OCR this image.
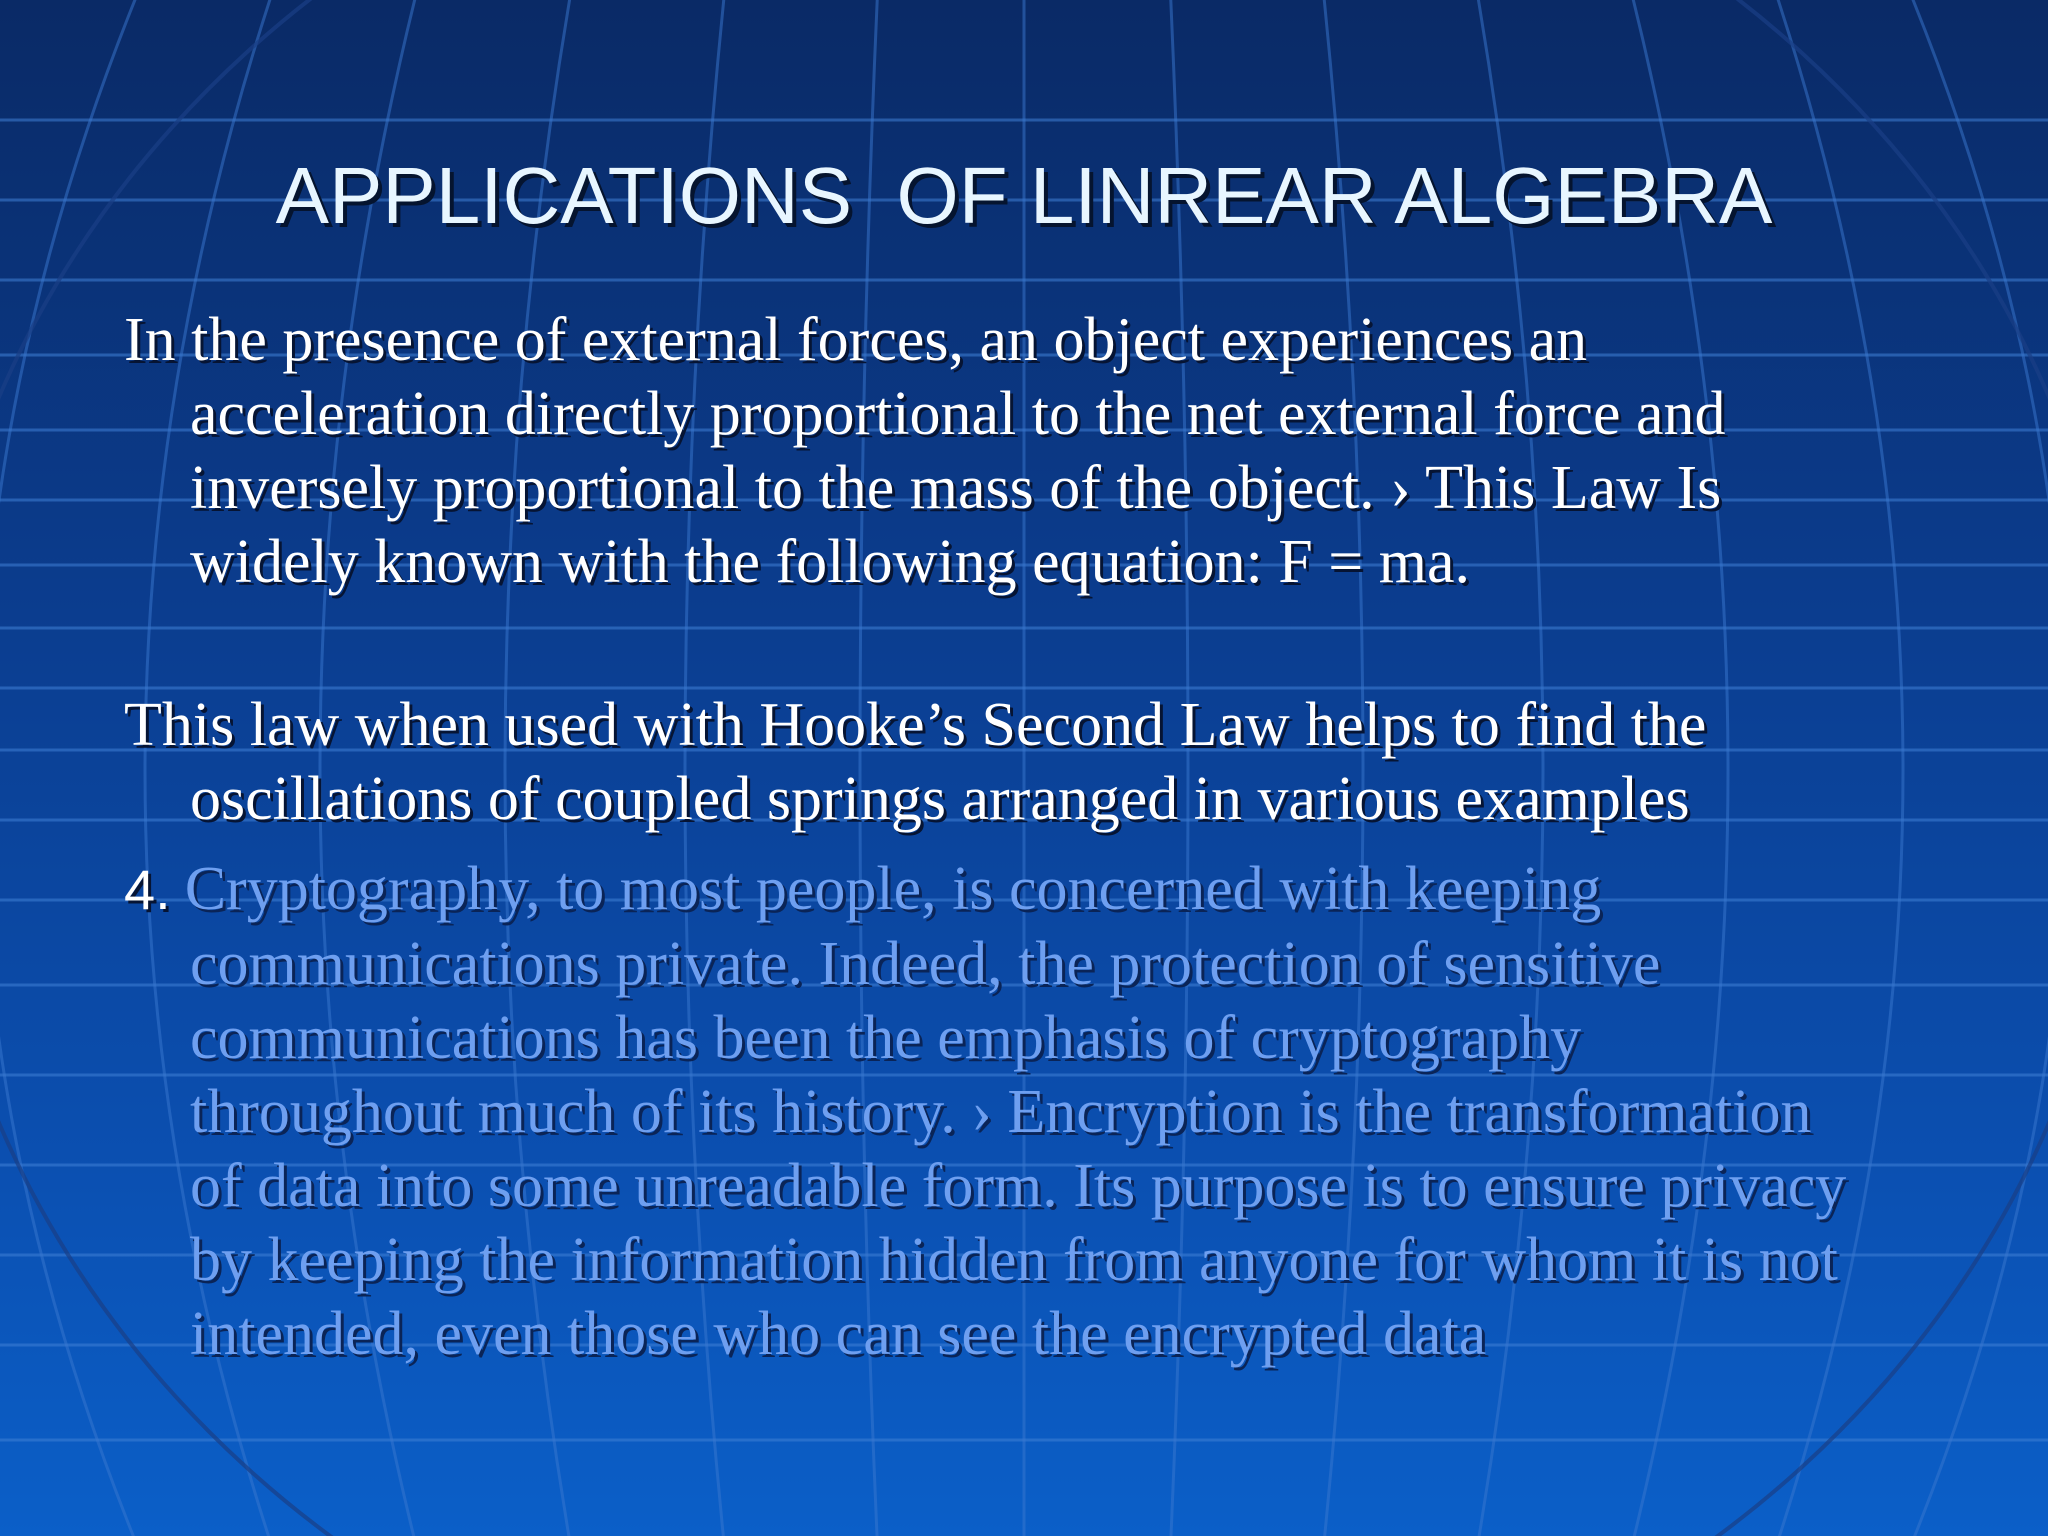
APPLICATIONS  OF LINREAR ALGEBRA
In the presence of external forces, an object experiences an
acceleration directly proportional to the net external force and
inversely proportional to the mass of the object. › This Law Is
widely known with the following equation: F = ma.
This law when used with Hooke’s Second Law helps to find the
oscillations of coupled springs arranged in various examples
4. Cryptography, to most people, is concerned with keeping
communications private. Indeed, the protection of sensitive
communications has been the emphasis of cryptography
throughout much of its history. › Encryption is the transformation
of data into some unreadable form. Its purpose is to ensure privacy
by keeping the information hidden from anyone for whom it is not
intended, even those who can see the encrypted data
